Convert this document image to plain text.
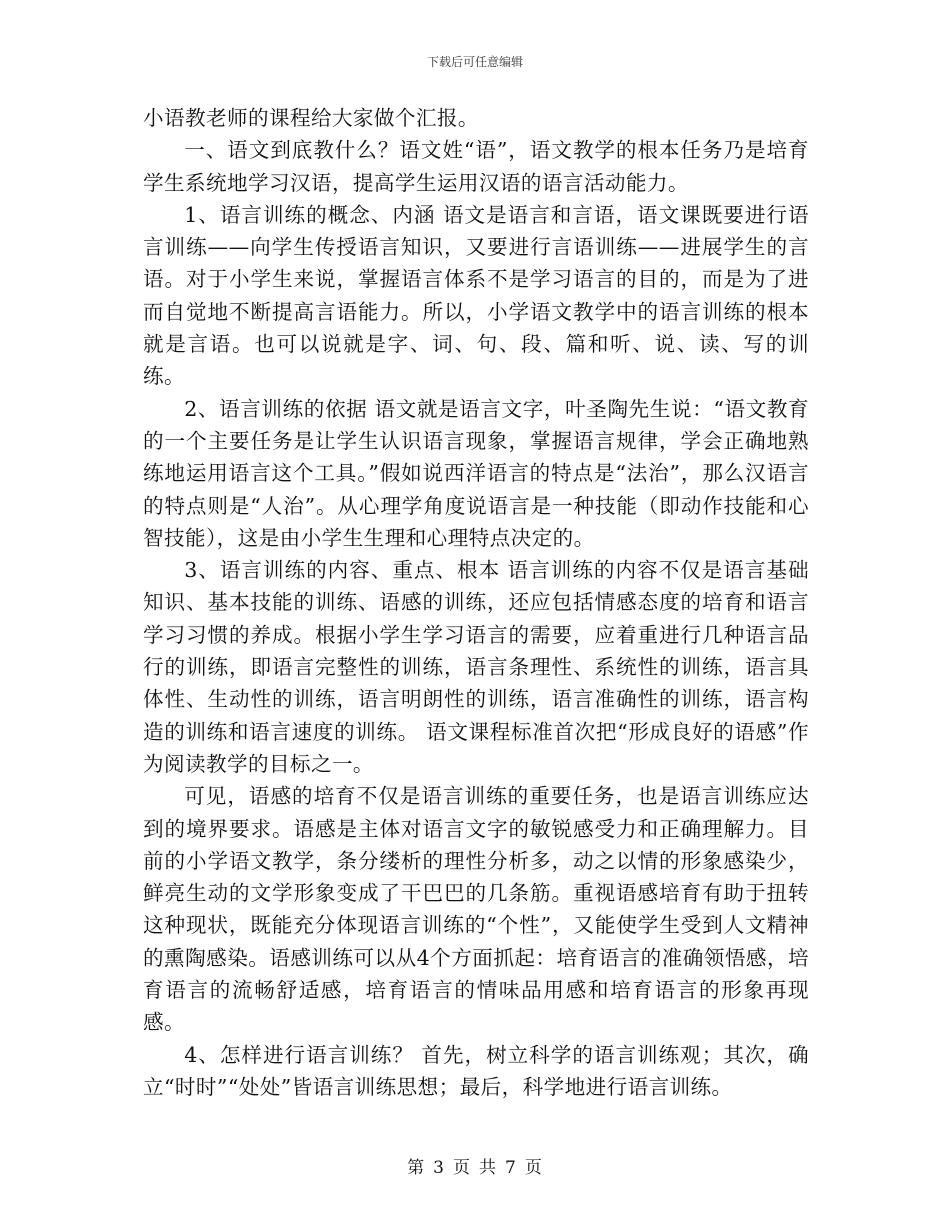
下载后可任意编辑

小语教老师的课程给大家做个汇报。

一、语文到底教什么？语文姓“语”，语文教学的根本任务乃是培育学生系统地学习汉语，提高学生运用汉语的语言活动能力。

1、语言训练的概念、内涵 语文是语言和言语，语文课既要进行语言训练——向学生传授语言知识，又要进行言语训练——进展学生的言语。对于小学生来说，掌握语言体系不是学习语言的目的，而是为了进而自觉地不断提高言语能力。所以，小学语文教学中的语言训练的根本就是言语。也可以说就是字、词、句、段、篇和听、说、读、写的训练。

2、语言训练的依据 语文就是语言文字，叶圣陶先生说：“语文教育的一个主要任务是让学生认识语言现象，掌握语言规律，学会正确地熟练地运用语言这个工具。”假如说西洋语言的特点是“法治”，那么汉语言的特点则是“人治”。从心理学角度说语言是一种技能（即动作技能和心智技能），这是由小学生生理和心理特点决定的。

3、语言训练的内容、重点、根本 语言训练的内容不仅是语言基础知识、基本技能的训练、语感的训练，还应包括情感态度的培育和语言学习习惯的养成。根据小学生学习语言的需要，应着重进行几种语言品行的训练，即语言完整性的训练，语言条理性、系统性的训练，语言具体性、生动性的训练，语言明朗性的训练，语言准确性的训练，语言构造的训练和语言速度的训练。 语文课程标准首次把“形成良好的语感”作为阅读教学的目标之一。

可见，语感的培育不仅是语言训练的重要任务，也是语言训练应达到的境界要求。语感是主体对语言文字的敏锐感受力和正确理解力。目前的小学语文教学，条分缕析的理性分析多，动之以情的形象感染少，鲜亮生动的文学形象变成了干巴巴的几条筋。重视语感培育有助于扭转这种现状，既能充分体现语言训练的“个性”，又能使学生受到人文精神的熏陶感染。语感训练可以从4个方面抓起：培育语言的准确领悟感，培育语言的流畅舒适感，培育语言的情味品用感和培育语言的形象再现感。

4、怎样进行语言训练？ 首先，树立科学的语言训练观；其次，确立“时时”“处处”皆语言训练思想；最后，科学地进行语言训练。

第 3 页 共 7 页
